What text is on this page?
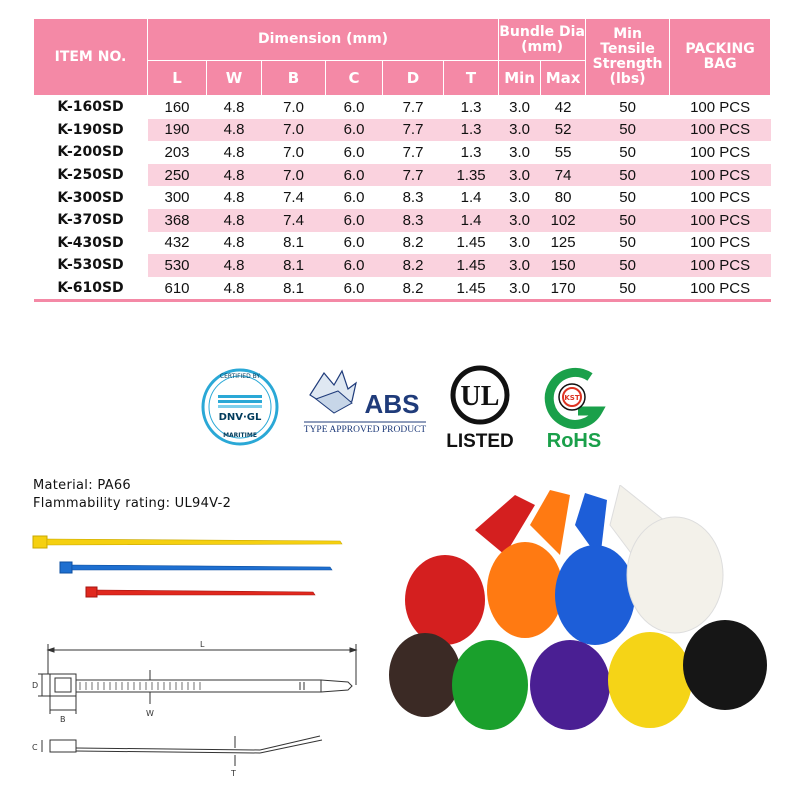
ITEM NO.	Dimension (mm)						Bundle Dia (mm)		Min Tensile Strength (lbs)	PACKING BAG
	L	W	B	C	D	T	Min	Max		
K-160SD	160	4.8	7.0	6.0	7.7	1.3	3.0	42	50	100 PCS
K-190SD	190	4.8	7.0	6.0	7.7	1.3	3.0	52	50	100 PCS
K-200SD	203	4.8	7.0	6.0	7.7	1.3	3.0	55	50	100 PCS
K-250SD	250	4.8	7.0	6.0	7.7	1.35	3.0	74	50	100 PCS
K-300SD	300	4.8	7.4	6.0	8.3	1.4	3.0	80	50	100 PCS
K-370SD	368	4.8	7.4	6.0	8.3	1.4	3.0	102	50	100 PCS
K-430SD	432	4.8	8.1	6.0	8.2	1.45	3.0	125	50	100 PCS
K-530SD	530	4.8	8.1	6.0	8.2	1.45	3.0	150	50	100 PCS
K-610SD	610	4.8	8.1	6.0	8.2	1.45	3.0	170	50	100 PCS
CERTIFIED BY
DNV·GL
MARITIME
ABS
TYPE APPROVED PRODUCT
UL
LISTED
KST
RoHS
Material: PA66
Flammability rating: UL94V-2
L
D
B
W
C
T
